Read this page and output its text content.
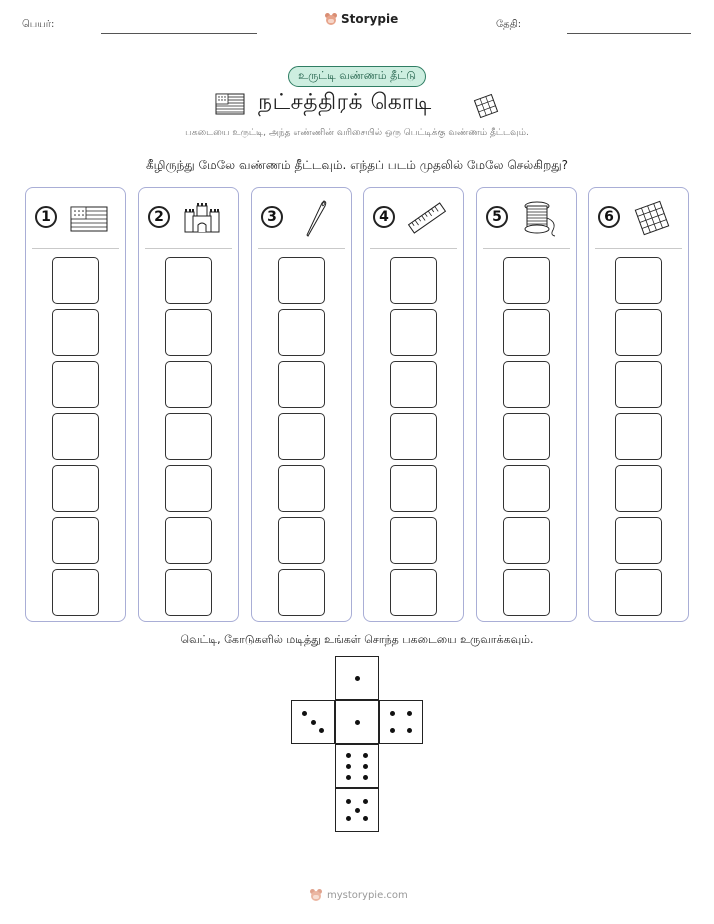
பெயர்:	Storypie	தேதி:
உருட்டி வண்ணம் தீட்டு
நட்சத்திரக் கொடி
பகடையை உருட்டி, அந்த எண்ணின் வரிசையில் ஒரு பெட்டிக்கு வண்ணம் தீட்டவும்.
கீழிருந்து மேலே வண்ணம் தீட்டவும். எந்தப் படம் முதலில் மேலே செல்கிறது?
1	2	3	4	5	6
வெட்டி, கோடுகளில் மடித்து உங்கள் சொந்த பகடையை உருவாக்கவும்.
mystorypie.com
